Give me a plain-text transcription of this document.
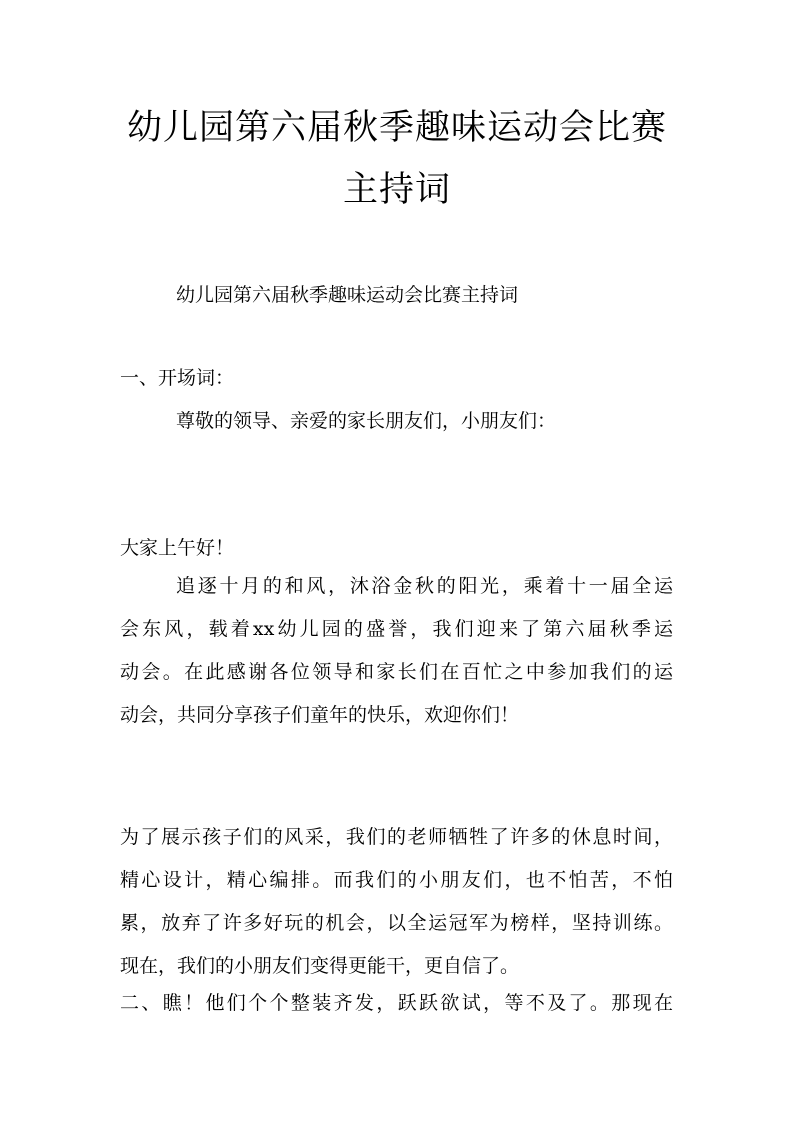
幼儿园第六届秋季趣味运动会比赛
主持词
幼儿园第六届秋季趣味运动会比赛主持词
一、开场词：
尊敬的领导、亲爱的家长朋友们，小朋友们：
大家上午好！
追逐十月的和风，沐浴金秋的阳光，乘着十一届全运
会东风，载着xx幼儿园的盛誉，我们迎来了第六届秋季运
动会。在此感谢各位领导和家长们在百忙之中参加我们的运
动会，共同分享孩子们童年的快乐，欢迎你们！
为了展示孩子们的风采，我们的老师牺牲了许多的休息时间，
精心设计，精心编排。而我们的小朋友们，也不怕苦，不怕
累，放弃了许多好玩的机会，以全运冠军为榜样，坚持训练。
现在，我们的小朋友们变得更能干，更自信了。
二、瞧！他们个个整装齐发，跃跃欲试，等不及了。那现在
